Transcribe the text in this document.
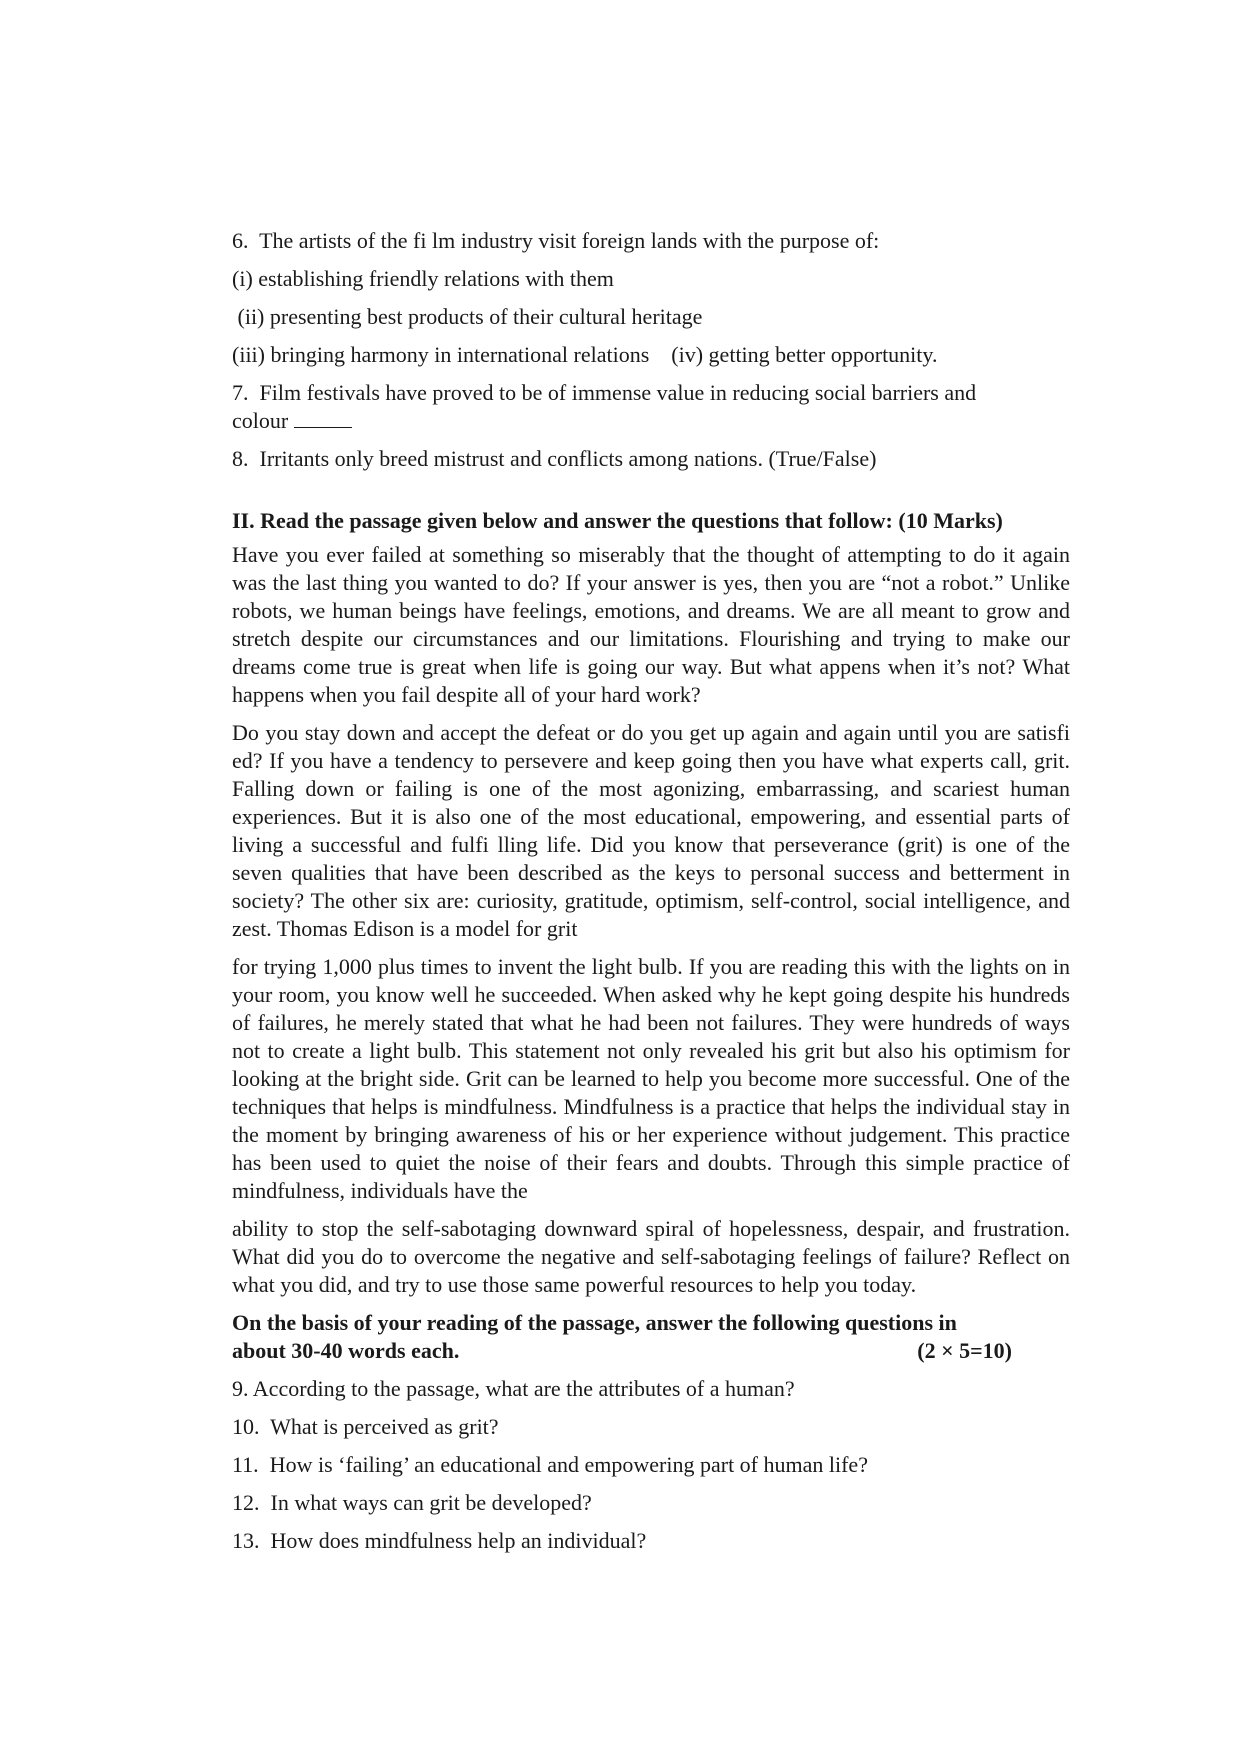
6.  The artists of the fi lm industry visit foreign lands with the purpose of:
(i) establishing friendly relations with them
(ii) presenting best products of their cultural heritage
(iii) bringing harmony in international relations (iv) getting better opportunity.
7.  Film festivals have proved to be of immense value in reducing social barriers and
colour
8.  Irritants only breed mistrust and conflicts among nations. (True/False)
II. Read the passage given below and answer the questions that follow: (10 Marks)
Have you ever failed at something so miserably that the thought of attempting to do it again was the last thing you wanted to do? If your answer is yes, then you are “not a robot.” Unlike robots, we human beings have feelings, emotions, and dreams. We are all meant to grow and stretch despite our circumstances and our limitations. Flourishing and trying to make our dreams come true is great when life is going our way. But what appens when it’s not? What happens when you fail despite all of your hard work?
Do you stay down and accept the defeat or do you get up again and again until you are satisfi ed? If you have a tendency to persevere and keep going then you have what experts call, grit. Falling down or failing is one of the most agonizing, embarrassing, and scariest human experiences. But it is also one of the most educational, empowering, and essential parts of living a successful and fulfi lling life. Did you know that perseverance (grit) is one of the seven qualities that have been described as the keys to personal success and betterment in society? The other six are: curiosity, gratitude, optimism, self-control, social intelligence, and zest. Thomas Edison is a model for grit
for trying 1,000 plus times to invent the light bulb. If you are reading this with the lights on in your room, you know well he succeeded. When asked why he kept going despite his hundreds of failures, he merely stated that what he had been not failures. They were hundreds of ways not to create a light bulb. This statement not only revealed his grit but also his optimism for looking at the bright side. Grit can be learned to help you become more successful. One of the techniques that helps is mindfulness. Mindfulness is a practice that helps the individual stay in the moment by bringing awareness of his or her experience without judgement. This practice has been used to quiet the noise of their fears and doubts. Through this simple practice of mindfulness, individuals have the
ability to stop the self-sabotaging downward spiral of hopelessness, despair, and frustration. What did you do to overcome the negative and self-sabotaging feelings of failure? Reflect on what you did, and try to use those same powerful resources to help you today.
On the basis of your reading of the passage, answer the following questions in
about 30-40 words each.	(2 × 5=10)
9. According to the passage, what are the attributes of a human?
10.  What is perceived as grit?
11.  How is ‘failing’ an educational and empowering part of human life?
12.  In what ways can grit be developed?
13.  How does mindfulness help an individual?
